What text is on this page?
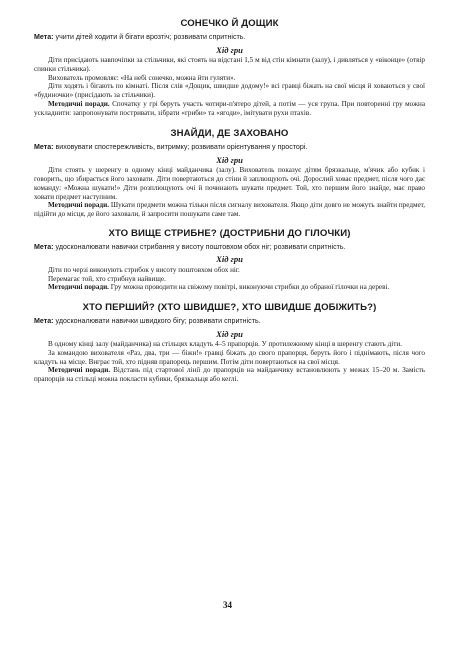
СОНЕЧКО Й ДОЩИК
Мета: учити дітей ходити й бігати врозтіч; розвивати спритність.
Хід гри

Діти присідають навпочіпки за стільчики, які стоять на відстані 1,5 м від стін кімнати (залу), і дивляться у «віконце» (отвір спинки стільчика).

Вихователь промовляє: «На небі сонечко, можна йти гуляти».

Діти ходять і бігають по кімнаті. Після слів «Дощик, швидше додому!» всі гравці біжать на свої місця й ховаються у свої «будиночки» (присідають за стільчики).

Методичні поради. Спочатку у грі беруть участь чотири-п'ятеро дітей, а потім — уся група. При повторенні гру можна ускладнити: запропонувати постривати, зібрати «гриби» та «ягоди», імітувати рухи птахів.

ЗНАЙДИ, ДЕ ЗАХОВАНО
Мета: виховувати спостережливість, витримку; розвивати орієнтування у просторі.
Хід гри

Діти стоять у шеренгу в одному кінці майданчика (залу). Вихователь показує дітям брязкальце, м'ячик або кубик і говорить, що збирається його заховати. Діти повертаються до стіни й заплющують очі. Дорослий ховає предмет, після чого дає команду: «Можна шукати!» Діти розплющують очі й починають шукати предмет. Той, хто першим його знайде, має право ховати предмет наступним.

Методичні поради. Шукати предмети можна тільки після сигналу вихователя. Якщо діти довго не можуть знайти предмет, підійти до місця, де його заховали, й запросити пошукати саме там.

ХТО ВИЩЕ СТРИБНЕ? (ДОСТРИБНИ ДО ГІЛОЧКИ)
Мета: удосконалювати навички стрибання у висоту поштовхом обох ніг; розвивати спритність.
Хід гри

Діти по черзі виконують стрибок у висоту поштовхом обох ніг.

Перемагає той, хто стрибнув найвище.

Методичні поради. Гру можна проводити на свіжому повітрі, виконуючи стрибки до обраної гілочки на дереві.

ХТО ПЕРШИЙ? (ХТО ШВИДШЕ?, ХТО ШВИДШЕ ДОБІЖИТЬ?)
Мета: удосконалювати навички швидкого бігу; розвивати спритність.
Хід гри

В одному кінці залу (майданчика) на стільцях кладуть 4–5 прапорців. У протилежному кінці в шеренгу стають діти.

За командою вихователя «Раз, два, три — біжи!» гравці біжать до свого прапорця, беруть його і піднімають, після чого кладуть на місце. Виграє той, хто підняв прапорець першим. Потім діти повертаються на свої місця.

Методичні поради. Відстань під стартової лінії до прапорців на майданчику встановлюють у межах 15–20 м. Замість прапорців на стільці можна покласти кубики, брязкальця або кеглі.

34
